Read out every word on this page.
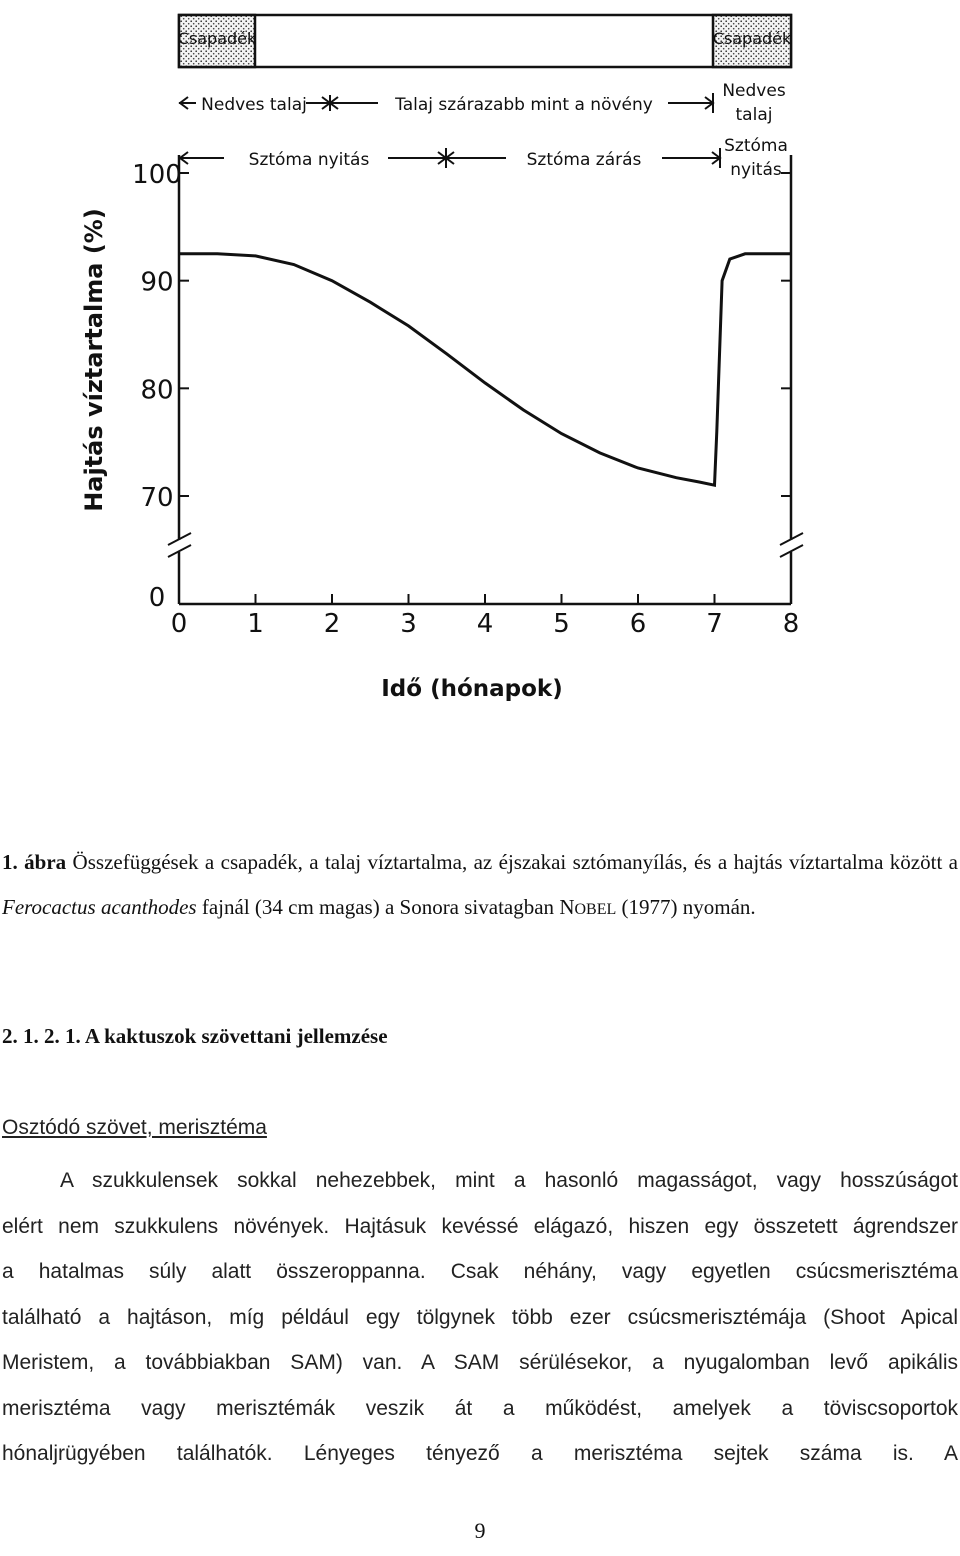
Csapadék	Csapadék
Nedves talaj	Talaj szárazabb mint a növény
Nedves
talaj
Sztóma nyitás	Sztóma zárás
Sztóma
nyitás
0
70
80
90
100
0 1 2 3 4 5 6 7 8
Hajtás víztartalma (%)
Idő (hónapok)
1. ábra Összefüggések a csapadék, a talaj víztartalma, az éjszakai sztómanyílás, és a hajtás víztartalma között a Ferocactus acanthodes fajnál (34 cm magas) a Sonora sivatagban NOBEL (1977) nyomán.
2. 1. 2. 1. A kaktuszok szövettani jellemzése
Osztódó szövet, merisztéma
A szukkulensek sokkal nehezebbek, mint a hasonló magasságot, vagy hosszúságot
elért nem szukkulens növények. Hajtásuk kevéssé elágazó, hiszen egy összetett ágrendszer
a hatalmas súly alatt összeroppanna. Csak néhány, vagy egyetlen csúcsmerisztéma
található a hajtáson, míg például egy tölgynek több ezer csúcsmerisztémája (Shoot Apical
Meristem, a továbbiakban SAM) van. A SAM sérülésekor, a nyugalomban levő apikális
merisztéma vagy merisztémák veszik át a működést, amelyek a töviscsoportok
hónaljrügyében találhatók. Lényeges tényező a merisztéma sejtek száma is. A
9
